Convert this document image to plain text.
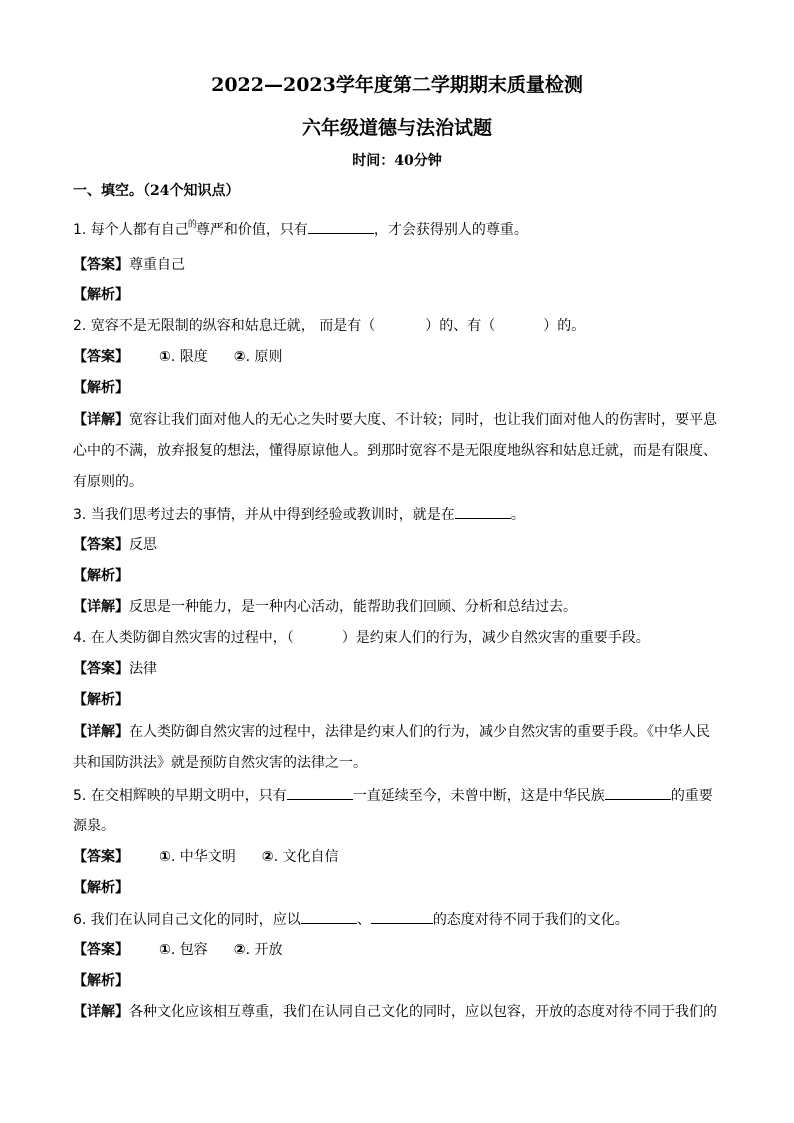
2022—2023学年度第二学期期末质量检测
六年级道德与法治试题
时间：40分钟
一、填空。（24个知识点）
1. 每个人都有自己$^的$尊严和价值，只有	，才会获得别人的尊重。
【答案】尊重自己
【解析】
2. 宽容不是无限制的纵容和姑息迁就， 而是有（	）的、有（	）的。
【答案】 ①. 限度 ②. 原则
【解析】
【详解】宽容让我们面对他人的无心之失时要大度、不计较；同时，也让我们面对他人的伤害时，要平息
心中的不满，放弃报复的想法，懂得原谅他人。到那时宽容不是无限度地纵容和姑息迁就，而是有限度、
有原则的。
3. 当我们思考过去的事情，并从中得到经验或教训时，就是在	。
【答案】反思
【解析】
【详解】反思是一种能力，是一种内心活动，能帮助我们回顾、分析和总结过去。
4. 在人类防御自然灾害的过程中，（	）是约束人们的行为，减少自然灾害的重要手段。
【答案】法律
【解析】
【详解】在人类防御自然灾害的过程中，法律是约束人们的行为，减少自然灾害的重要手段。《中华人民
共和国防洪法》就是预防自然灾害的法律之一。
5. 在交相辉映的早期文明中，只有	一直延续至今，未曾中断，这是中华民族	的重要
源泉。
【答案】 ①. 中华文明 ②. 文化自信
【解析】
6. 我们在认同自己文化的同时，应以	、	的态度对待不同于我们的文化。
【答案】 ①. 包容 ②. 开放
【解析】
【详解】各种文化应该相互尊重，我们在认同自己文化的同时，应以包容，开放的态度对待不同于我们的
